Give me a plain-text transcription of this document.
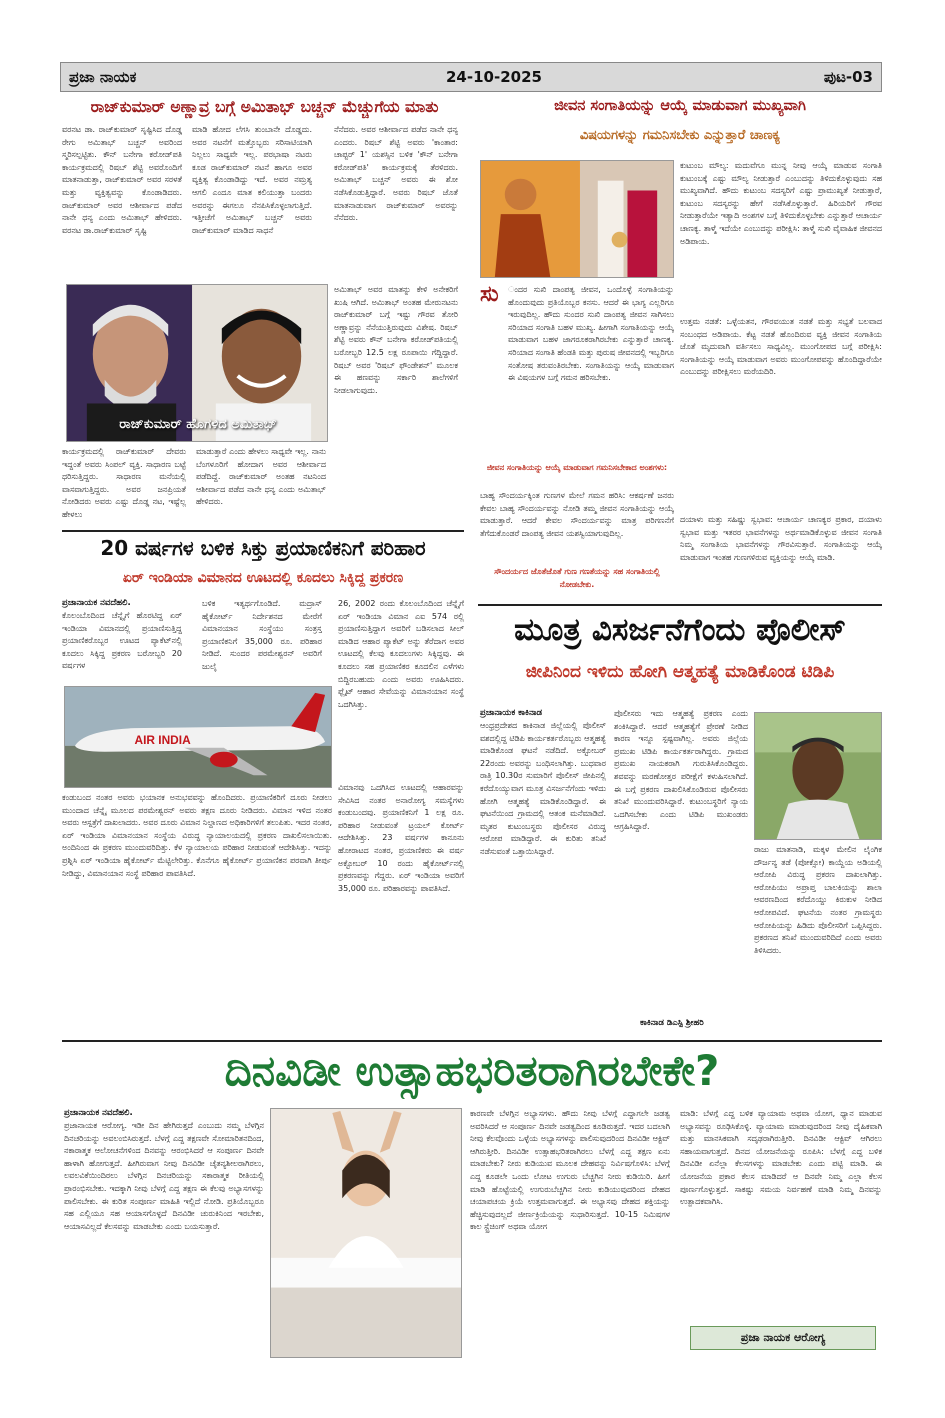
ಪ್ರಜಾ ನಾಯಕ	24-10-2025	ಪುಟ-03
ರಾಜ್‌ಕುಮಾರ್ ಅಣ್ಣಾವ್ರ ಬಗ್ಗೆ ಅಮಿತಾಭ್ ಬಚ್ಚನ್ ಮೆಚ್ಚುಗೆಯ ಮಾತು
ವರನಟ ಡಾ. ರಾಜ್‌ಕುಮಾರ್ ಸೃಷ್ಟಿಸಿದ ದೊಡ್ಡ ರೇಗು ಅಮಿತಾಭ್ ಬಚ್ಚನ್ ಅವರಿಂದ ಸ್ಮರಿಸಲ್ಪಟ್ಟಿತು. ಕೌನ್ ಬನೇಗಾ ಕರೋಡ್‌ಪತಿ ಕಾರ್ಯಕ್ರಮದಲ್ಲಿ ರಿಷಬ್ ಶೆಟ್ಟಿ ಅವರೊಂದಿಗೆ ಮಾತನಾಡುತ್ತಾ, ರಾಜ್‌ಕುಮಾರ್ ಅವರ ಸರಳತೆ ಮತ್ತು ವ್ಯಕ್ತಿತ್ವವನ್ನು ಕೊಂಡಾಡಿದರು. ರಾಜ್‌ಕುಮಾರ್ ಅವರ ಆಶೀರ್ವಾದ ಪಡೆದ ನಾನೇ ಧನ್ಯ ಎಂದು ಅಮಿತಾಭ್ ಹೇಳಿದರು. ವರನಟ ಡಾ.ರಾಜ್‌ಕುಮಾರ್ ಸೃಷ್ಟಿ
ಮಾಡಿ ಹೋದ ಲೆಗಸಿ ತುಂಬಾನೇ ದೊಡ್ಡದು. ಅವರ ನಟನೆಗೆ ಮತ್ತೊಬ್ಬರು ಸರಿಸಾಟಿಯಾಗಿ ನಿಲ್ಲಲು ಸಾಧ್ಯವೇ ಇಲ್ಲ. ಪರಭಾಷಾ ನಟರು ಕೂಡ ರಾಜ್‌ಕುಮಾರ್ ನಟನೆ ಹಾಗೂ ಅವರ ವ್ಯಕ್ತಿತ್ವ ಕೊಂಡಾಡಿದ್ದು ಇದೆ. ಅವರ ನಮ್ರತ್ಯ ಆಗಲಿ ಎಂದೂ ಮಾತ ಕಲಿಯುತ್ತಾ ಬಂದರು ಅವರನ್ನು ಈಗಲೂ ನೆನಪಿಸಿಕೊಳ್ಳಲಾಗುತ್ತಿದೆ. ಇತ್ತೀಚೆಗೆ ಅಮಿತಾಭ್ ಬಚ್ಚನ್ ಅವರು ರಾಜ್‌ಕುಮಾರ್ ಮಾಡಿದ ಸಾಧನೆ
ನೆನೆದರು. ಅವರ ಆಶೀರ್ವಾದ ಪಡೆದ ನಾನೇ ಧನ್ಯ ಎಂದರು. ರಿಷಬ್ ಶೆಟ್ಟಿ ಅವರು 'ಕಾಂತಾರ: ಚಾಪ್ಟರ್ 1' ಯಶಸ್ಸಿನ ಬಳಿಕ 'ಕೌನ್ ಬನೇಗಾ ಕರೋಡ್‌ಪತಿ' ಕಾರ್ಯಕ್ರಮಕ್ಕೆ ತೆರಳಿದರು. ಅಮಿತಾಭ್ ಬಚ್ಚನ್ ಅವರು ಈ ಶೋ ನಡೆಸಿಕೊಡುತ್ತಿದ್ದಾರೆ. ಅವರು ರಿಷಬ್ ಜೊತೆ ಮಾತನಾಡುವಾಗ ರಾಜ್‌ಕುಮಾರ್ ಅವರನ್ನು ನೆನೆದರು.
ಅಮಿತಾಭ್ ಅವರ ಮಾತನ್ನು ಕೇಳಿ ಅನೇಕರಿಗೆ ಖುಷಿ ಆಗಿದೆ. ಅಮಿತಾಭ್ ಅಂತಹ ಮೇರುನಟನು ರಾಜ್‌ಕುಮಾರ್ ಬಗ್ಗೆ ಇಷ್ಟು ಗೌರವ ತೋರಿ ಅಣ್ಣಾವ್ರನ್ನು ನೆನೆಯುತ್ತಿರುವುದು ವಿಶೇಷ. ರಿಷಬ್ ಶೆಟ್ಟಿ ಅವರು ಕೌನ್ ಬನೇಗಾ ಕರೋಡ್‌ಪತಿಯಲ್ಲಿ ಬರೋಬ್ಬರಿ 12.5 ಲಕ್ಷ ರೂಪಾಯಿ ಗೆದ್ದಿದ್ದಾರೆ. ರಿಷಬ್ ಅವರ 'ರಿಷಬ್ ಫೌಂಡೇಶನ್' ಮೂಲಕ ಈ ಹಣವನ್ನು ಸರ್ಕಾರಿ ಶಾಲೆಗಳಿಗೆ ನೀಡಲಾಗುವುದು.
ರಾಜ್‌ಕುಮಾರ್ ಹೊಗಳಿದ ಅಮಿತಾಭ್
ಕಾರ್ಯಕ್ರಮದಲ್ಲಿ ರಾಜ್‌ಕುಮಾರ್ ದೇವರು ಇದ್ದಂತೆ ಅವರು ಸಿಂಪಲ್ ವ್ಯಕ್ತಿ. ಸಾಧಾರಣ ಬಟ್ಟೆ ಧರಿಸುತ್ತಿದ್ದರು. ಸಾಧಾರಣ ಮನೆಯಲ್ಲಿ ವಾಸವಾಗುತ್ತಿದ್ದರು. ಅವರ ಜನಪ್ರಿಯತೆ ನೋಡಿದರು ಅವರು ಎಷ್ಟು ದೊಡ್ಡ ನಟ, ಇಷ್ಟೆಲ್ಲ ಹೇಳಲು
ಮಾಡುತ್ತಾರೆ ಎಂದು ಹೇಳಲು ಸಾಧ್ಯವೇ ಇಲ್ಲ. ನಾನು ಬೆಂಗಳೂರಿಗೆ ಹೋದಾಗ ಅವರ ಆಶೀರ್ವಾದ ಪಡೆದಿದ್ದೆ. ರಾಜ್‌ಕುಮಾರ್ ಅಂತಹ ನಟನಿಂದ ಆಶೀರ್ವಾದ ಪಡೆದ ನಾನೇ ಧನ್ಯ ಎಂದು ಅಮಿತಾಭ್ ಹೇಳಿದರು.
20 ವರ್ಷಗಳ ಬಳಿಕ ಸಿಕ್ತು ಪ್ರಯಾಣಿಕನಿಗೆ ಪರಿಹಾರ
ಏರ್ ಇಂಡಿಯಾ ವಿಮಾನದ ಊಟದಲ್ಲಿ ಕೂದಲು ಸಿಕ್ಕಿದ್ದ ಪ್ರಕರಣ
ಪ್ರಜಾನಾಯಕ ನವದೆಹಲಿ.
ಕೊಲಂಬೊದಿಂದ ಚೆನ್ನೈಗೆ ಹೊರಟಿದ್ದ ಏರ್ ಇಂಡಿಯಾ ವಿಮಾನದಲ್ಲಿ ಪ್ರಯಾಣಿಸುತ್ತಿದ್ದ ಪ್ರಯಾಣಿಕರೊಬ್ಬರ ಊಟದ ಪ್ಯಾಕೆಟ್‌ನಲ್ಲಿ ಕೂದಲು ಸಿಕ್ಕಿದ್ದ ಪ್ರಕರಣ ಬರೋಬ್ಬರಿ 20 ವರ್ಷಗಳ
ಬಳಿಕ ಇತ್ಯರ್ಥಗೊಂಡಿದೆ. ಮದ್ರಾಸ್ ಹೈಕೋರ್ಟ್ ನಿರ್ದೇಶನದ ಮೇರೆಗೆ ವಿಮಾನಯಾನ ಸಂಸ್ಥೆಯು ಸಂತ್ರಸ್ತ ಪ್ರಯಾಣಿಕನಿಗೆ 35,000 ರೂ. ಪರಿಹಾರ ನೀಡಿದೆ. ಸುಂದರ ಪರಮೇಶ್ವರನ್ ಅವರಿಗೆ ಜುಲೈ
26, 2002 ರಂದು ಕೊಲಂಬೊದಿಂದ ಚೆನ್ನೈಗೆ ಏರ್ ಇಂಡಿಯಾ ವಿಮಾನ ಎಐ 574 ರಲ್ಲಿ ಪ್ರಯಾಣಿಸುತ್ತಿದ್ದಾಗ ಅವರಿಗೆ ಬಡಿಸಲಾದ ಸೀಲ್ ಮಾಡಿದ ಆಹಾರ ಪ್ಯಾಕೆಟ್ ಅನ್ನು ತೆರೆದಾಗ ಅವರ ಊಟದಲ್ಲಿ ಕೆಲವು ಕೂದಲುಗಳು ಸಿಕ್ಕಿದ್ದವು. ಈ ಕೂದಲು ಸಹ ಪ್ರಯಾಣಿಕರ ಕೂದಲಿನ ಎಳೆಗಳು ಬಿದ್ದಿರಬಹುದು ಎಂದು ಅವರು ಊಹಿಸಿದರು. ಫ್ಲೈಟ್ ಆಹಾರ ಸೇವೆಯನ್ನು ವಿಮಾನಯಾನ ಸಂಸ್ಥೆ ಒದಗಿಸಿತ್ತು.
AIR INDIA
ಕಂಡುಬಂದ ನಂತರ ಅವರು ಭಯಾನಕ ಅನುಭವವನ್ನು ಹೊಂದಿದರು. ಪ್ರಯಾಣಿಕರಿಗೆ ದೂರು ನೀಡಲು ಮುಂದಾದ ಚೆನ್ನೈ ಮೂಲದ ಪರಮೇಶ್ವರನ್ ಅವರು ತಕ್ಷಣ ದೂರು ನೀಡಿದರು. ವಿಮಾನ ಇಳಿದ ನಂತರ ಅವರು ಆಸ್ಪತ್ರೆಗೆ ದಾಖಲಾದರು. ಅವರ ದೂರು ವಿಮಾನ ನಿಲ್ದಾಣದ ಅಧಿಕಾರಿಗಳಿಗೆ ತಲುಪಿತು. ಇದರ ನಂತರ, ಏರ್ ಇಂಡಿಯಾ ವಿಮಾನಯಾನ ಸಂಸ್ಥೆಯ ವಿರುದ್ಧ ನ್ಯಾಯಾಲಯದಲ್ಲಿ ಪ್ರಕರಣ ದಾಖಲಿಸಲಾಯಿತು. ಅಂದಿನಿಂದ ಈ ಪ್ರಕರಣ ಮುಂದುವರಿದಿತ್ತು. ಕೆಳ ನ್ಯಾಯಾಲಯ ಪರಿಹಾರ ನೀಡುವಂತೆ ಆದೇಶಿಸಿತ್ತು. ಇದನ್ನು ಪ್ರಶ್ನಿಸಿ ಏರ್ ಇಂಡಿಯಾ ಹೈಕೋರ್ಟ್ ಮೆಟ್ಟಿಲೇರಿತ್ತು. ಕೊನೆಗೂ ಹೈಕೋರ್ಟ್ ಪ್ರಯಾಣಿಕನ ಪರವಾಗಿ ತೀರ್ಪು ನೀಡಿದ್ದು, ವಿಮಾನಯಾನ ಸಂಸ್ಥೆ ಪರಿಹಾರ ಪಾವತಿಸಿದೆ.
ವಿಮಾನವು ಒದಗಿಸಿದ ಊಟದಲ್ಲಿ ಆಹಾರವನ್ನು ಸೇವಿಸಿದ ನಂತರ ಅನಾರೋಗ್ಯ ಸಮಸ್ಯೆಗಳು ಕಂಡುಬಂದವು. ಪ್ರಯಾಣಿಕನಿಗೆ 1 ಲಕ್ಷ ರೂ. ಪರಿಹಾರ ನೀಡುವಂತೆ ಟ್ರಯಲ್ ಕೋರ್ಟ್ ಆದೇಶಿಸಿತ್ತು. 23 ವರ್ಷಗಳ ಕಾನೂನು ಹೋರಾಟದ ನಂತರ, ಪ್ರಯಾಣಿಕರು ಈ ವರ್ಷ ಅಕ್ಟೋಬರ್ 10 ರಂದು ಹೈಕೋರ್ಟ್‌ನಲ್ಲಿ ಪ್ರಕರಣವನ್ನು ಗೆದ್ದರು. ಏರ್ ಇಂಡಿಯಾ ಅವರಿಗೆ 35,000 ರೂ. ಪರಿಹಾರವನ್ನು ಪಾವತಿಸಿದೆ.
ಜೀವನ ಸಂಗಾತಿಯನ್ನು ಆಯ್ಕೆ ಮಾಡುವಾಗ ಮುಖ್ಯವಾಗಿ
ವಿಷಯಗಳನ್ನು ಗಮನಿಸಬೇಕು ಎನ್ನುತ್ತಾರೆ ಚಾಣಕ್ಯ
ಕುಟುಂಬ ಮೌಲ್ಯ: ಮದುವೆಗೂ ಮುನ್ನ ನೀವು ಆಯ್ಕೆ ಮಾಡುವ ಸಂಗಾತಿ ಕುಟುಂಬಕ್ಕೆ ಎಷ್ಟು ಮೌಲ್ಯ ನೀಡುತ್ತಾರೆ ಎಂಬುದನ್ನು ತಿಳಿದುಕೊಳ್ಳುವುದು ಸಹ ಮುಖ್ಯವಾಗಿದೆ. ಹೌದು ಕುಟುಂಬ ಸದಸ್ಯರಿಗೆ ಎಷ್ಟು ಪ್ರಾಮುಖ್ಯತೆ ನೀಡುತ್ತಾರೆ, ಕುಟುಂಬ ಸದಸ್ಯರನ್ನು ಹೇಗೆ ನಡೆಸಿಕೊಳ್ಳುತ್ತಾರೆ. ಹಿರಿಯರಿಗೆ ಗೌರವ ನೀಡುತ್ತಾರೆಯೇ ಇತ್ಯಾದಿ ಅಂಶಗಳ ಬಗ್ಗೆ ತಿಳಿದುಕೊಳ್ಳಬೇಕು ಎನ್ನುತ್ತಾರೆ ಆಚಾರ್ಯ ಚಾಣಕ್ಯ. ತಾಳ್ಮೆ ಇದೆಯೇ ಎಂಬುದನ್ನು ಪರೀಕ್ಷಿಸಿ: ತಾಳ್ಮೆ ಸುಖಿ ವೈವಾಹಿಕ ಜೀವನದ ಅಡಿಪಾಯ.
ಉತ್ತಮ ನಡತೆ: ಒಳ್ಳೆಯತನ, ಗೌರವಯುತ ನಡತೆ ಮತ್ತು ಸಭ್ಯತೆ ಬಲವಾದ ಸಂಬಂಧದ ಅಡಿಪಾಯ. ಕೆಟ್ಟ ನಡತೆ ಹೊಂದಿರುವ ವ್ಯಕ್ತಿ ಜೀವನ ಸಂಗಾತಿಯ ಜೊತೆ ಮೃದುವಾಗಿ ವರ್ತಿಸಲು ಸಾಧ್ಯವಿಲ್ಲ. ಮುಂಗೋಪದ ಬಗ್ಗೆ ಪರೀಕ್ಷಿಸಿ: ಸಂಗಾತಿಯನ್ನು ಆಯ್ಕೆ ಮಾಡುವಾಗ ಅವರು ಮುಂಗೋಪವನ್ನು ಹೊಂದಿದ್ದಾರೆಯೇ ಎಂಬುದನ್ನು ಪರೀಕ್ಷಿಸಲು ಮರೆಯದಿರಿ.
ದಯಾಳು ಮತ್ತು ಸಹಿಷ್ಣು ಸ್ವಭಾವ: ಆಚಾರ್ಯ ಚಾಣಕ್ಯರ ಪ್ರಕಾರ, ದಯಾಳು ಸ್ವಭಾವ ಮತ್ತು ಇತರರ ಭಾವನೆಗಳನ್ನು ಅರ್ಥಮಾಡಿಕೊಳ್ಳುವ ಜೀವನ ಸಂಗಾತಿ ನಿಮ್ಮ ಸಂಗಾತಿಯ ಭಾವನೆಗಳನ್ನು ಗೌರವಿಸುತ್ತಾರೆ. ಸಂಗಾತಿಯನ್ನು ಆಯ್ಕೆ ಮಾಡುವಾಗ ಇಂತಹ ಗುಣಗಳಿರುವ ವ್ಯಕ್ತಿಯನ್ನು ಆಯ್ಕೆ ಮಾಡಿ.
ಸು	ಂದರ ಸುಖಿ ದಾಂಪತ್ಯ ಜೀವನ, ಒಂದೊಳ್ಳೆ ಸಂಗಾತಿಯನ್ನು ಹೊಂದುವುದು ಪ್ರತಿಯೊಬ್ಬರ ಕನಸು. ಆದರೆ ಈ ಭಾಗ್ಯ ಎಲ್ಲರಿಗೂ ಇರುವುದಿಲ್ಲ. ಹೌದು ಸುಂದರ ಸುಖಿ ದಾಂಪತ್ಯ ಜೀವನ ಸಾಗಿಸಲು ಸರಿಯಾದ ಸಂಗಾತಿ ಬಹಳ ಮುಖ್ಯ. ಹೀಗಾಗಿ ಸಂಗಾತಿಯನ್ನು ಆಯ್ಕೆ ಮಾಡುವಾಗ ಬಹಳ ಜಾಗರೂಕರಾಗಿರಬೇಕು ಎನ್ನುತ್ತಾರೆ ಚಾಣಕ್ಯ. ಸರಿಯಾದ ಸಂಗಾತಿ ಹೆಂಡತಿ ಮತ್ತು ಪುರುಷ ಜೀವನದಲ್ಲಿ ಇಬ್ಬರಿಗೂ ಸಂತೋಷ ತರುವಂತಿರಬೇಕು. ಸಂಗಾತಿಯನ್ನು ಆಯ್ಕೆ ಮಾಡುವಾಗ ಈ ವಿಷಯಗಳ ಬಗ್ಗೆ ಗಮನ ಹರಿಸಬೇಕು.
ಜೀವನ ಸಂಗಾತಿಯನ್ನು ಆಯ್ಕೆ ಮಾಡುವಾಗ ಗಮನಿಸಬೇಕಾದ ಅಂಶಗಳು:
ಬಾಹ್ಯ ಸೌಂದರ್ಯಕ್ಕಿಂತ ಗುಣಗಳ ಮೇಲೆ ಗಮನ ಹರಿಸಿ: ಆಕರ್ಷಣೆ ಜನರು ಕೇವಲ ಬಾಹ್ಯ ಸೌಂದರ್ಯವನ್ನು ನೋಡಿ ತಮ್ಮ ಜೀವನ ಸಂಗಾತಿಯನ್ನು ಆಯ್ಕೆ ಮಾಡುತ್ತಾರೆ. ಆದರೆ ಕೇವಲ ಸೌಂದರ್ಯವನ್ನು ಮಾತ್ರ ಪರಿಗಣನೆಗೆ ತೆಗೆದುಕೊಂಡರೆ ದಾಂಪತ್ಯ ಜೀವನ ಯಶಸ್ವಿಯಾಗುವುದಿಲ್ಲ.
ಸೌಂದರ್ಯದ ಜೊತೆಜೊತೆ ಗುಣ ಗಣತೆಯನ್ನು ಸಹ ಸಂಗಾತಿಯಲ್ಲಿ ನೋಡಬೇಕು.
ಮೂತ್ರ ವಿಸರ್ಜನೆಗೆಂದು ಪೊಲೀಸ್
ಜೀಪಿನಿಂದ ಇಳಿದು ಹೋಗಿ ಆತ್ಮಹತ್ಯೆ ಮಾಡಿಕೊಂಡ ಟಿಡಿಪಿ
ಪ್ರಜಾನಾಯಕ ಕಾಕಿನಾಡ
ಆಂಧ್ರಪ್ರದೇಶದ ಕಾಕಿನಾಡ ಜಿಲ್ಲೆಯಲ್ಲಿ ಪೊಲೀಸ್ ವಶದಲ್ಲಿದ್ದ ಟಿಡಿಪಿ ಕಾರ್ಯಕರ್ತರೊಬ್ಬರು ಆತ್ಮಹತ್ಯೆ ಮಾಡಿಕೊಂಡ ಘಟನೆ ನಡೆದಿದೆ. ಅಕ್ಟೋಬರ್ 22ರಂದು ಅವರನ್ನು ಬಂಧಿಸಲಾಗಿತ್ತು. ಬುಧವಾರ ರಾತ್ರಿ 10.30ರ ಸುಮಾರಿಗೆ ಪೊಲೀಸ್ ಜೀಪಿನಲ್ಲಿ ಕರೆದೊಯ್ಯುವಾಗ ಮೂತ್ರ ವಿಸರ್ಜನೆಗೆಂದು ಇಳಿದು ಹೋಗಿ ಆತ್ಮಹತ್ಯೆ ಮಾಡಿಕೊಂಡಿದ್ದಾರೆ. ಈ ಘಟನೆಯಿಂದ ಗ್ರಾಮದಲ್ಲಿ ಆತಂಕ ಮನೆಮಾಡಿದೆ. ಮೃತರ ಕುಟುಂಬಸ್ಥರು ಪೊಲೀಸರ ವಿರುದ್ಧ ಆರೋಪ ಮಾಡಿದ್ದಾರೆ. ಈ ಕುರಿತು ತನಿಖೆ ನಡೆಸುವಂತೆ ಒತ್ತಾಯಿಸಿದ್ದಾರೆ.
ಪೊಲೀಸರು ಇದು ಆತ್ಮಹತ್ಯೆ ಪ್ರಕರಣ ಎಂದು ಶಂಕಿಸಿದ್ದಾರೆ. ಆದರೆ ಆತ್ಮಹತ್ಯೆಗೆ ಪ್ರೇರಣೆ ನೀಡಿದ ಕಾರಣ ಇನ್ನೂ ಸ್ಪಷ್ಟವಾಗಿಲ್ಲ. ಅವರು ಜಿಲ್ಲೆಯ ಪ್ರಮುಖ ಟಿಡಿಪಿ ಕಾರ್ಯಕರ್ತರಾಗಿದ್ದರು. ಗ್ರಾಮದ ಪ್ರಮುಖ ನಾಯಕರಾಗಿ ಗುರುತಿಸಿಕೊಂಡಿದ್ದರು. ಶವವನ್ನು ಮರಣೋತ್ತರ ಪರೀಕ್ಷೆಗೆ ಕಳುಹಿಸಲಾಗಿದೆ. ಈ ಬಗ್ಗೆ ಪ್ರಕರಣ ದಾಖಲಿಸಿಕೊಂಡಿರುವ ಪೊಲೀಸರು ತನಿಖೆ ಮುಂದುವರಿಸಿದ್ದಾರೆ. ಕುಟುಂಬಸ್ಥರಿಗೆ ನ್ಯಾಯ ಒದಗಿಸಬೇಕು ಎಂದು ಟಿಡಿಪಿ ಮುಖಂಡರು ಆಗ್ರಹಿಸಿದ್ದಾರೆ.
ಕಾಕಿನಾಡ ಡಿಎಸ್ಪಿ ಶ್ರೀಹರಿ
ರಾಜು ಮಾತನಾಡಿ, ಮಕ್ಕಳ ಮೇಲಿನ ಲೈಂಗಿಕ ದೌರ್ಜನ್ಯ ತಡೆ (ಪೋಕ್ಸೋ) ಕಾಯ್ದೆಯ ಅಡಿಯಲ್ಲಿ ಆರೋಪಿ ವಿರುದ್ಧ ಪ್ರಕರಣ ದಾಖಲಾಗಿತ್ತು. ಆರೋಪಿಯು ಅಪ್ರಾಪ್ತ ಬಾಲಕಿಯನ್ನು ಶಾಲಾ ಆವರಣದಿಂದ ಕರೆದೊಯ್ದು ಕಿರುಕುಳ ನೀಡಿದ ಆರೋಪವಿದೆ. ಘಟನೆಯ ನಂತರ ಗ್ರಾಮಸ್ಥರು ಆರೋಪಿಯನ್ನು ಹಿಡಿದು ಪೊಲೀಸರಿಗೆ ಒಪ್ಪಿಸಿದ್ದರು. ಪ್ರಕರಣದ ತನಿಖೆ ಮುಂದುವರಿದಿದೆ ಎಂದು ಅವರು ತಿಳಿಸಿದರು.
ದಿನವಿಡೀ ಉತ್ಸಾಹಭರಿತರಾಗಿರಬೇಕೇ?
ಪ್ರಜಾನಾಯಕ ನವದೆಹಲಿ.
ಪ್ರಜಾನಾಯಕ ಆರೋಗ್ಯ. ಇಡೀ ದಿನ ಹೇಗಿರುತ್ತದೆ ಎಂಬುದು ನಮ್ಮ ಬೆಳಗ್ಗಿನ ದಿನಚರಿಯನ್ನು ಅವಲಂಬಿಸಿರುತ್ತದೆ. ಬೆಳಗ್ಗೆ ಎದ್ದ ತಕ್ಷಣವೇ ಸೋಮಾರಿತನದಿಂದ, ನಕಾರಾತ್ಮಕ ಆಲೋಚನೆಗಳಿಂದ ದಿನವನ್ನು ಆರಂಭಿಸಿದರೆ ಆ ಸಂಪೂರ್ಣ ದಿನವೇ ಹಾಳಾಗಿ ಹೋಗುತ್ತದೆ. ಹೀಗಿರುವಾಗ ನೀವು ದಿನವಿಡೀ ಚೈತನ್ಯಶೀಲರಾಗಿರಲು, ಲವಲವಿಕೆಯಿಂದಿರಲು ಬೆಳಗ್ಗಿನ ದಿನಚರಿಯನ್ನು ಸಕಾರಾತ್ಮಕ ರೀತಿಯಲ್ಲಿ ಪ್ರಾರಂಭಿಸಬೇಕು. ಇದಕ್ಕಾಗಿ ನೀವು ಬೆಳಗ್ಗೆ ಎದ್ದ ತಕ್ಷಣ ಈ ಕೆಲವು ಅಭ್ಯಾಸಗಳನ್ನು ಪಾಲಿಸಬೇಕು. ಈ ಕುರಿತ ಸಂಪೂರ್ಣ ಮಾಹಿತಿ ಇಲ್ಲಿದೆ ನೋಡಿ. ಪ್ರತಿಯೊಬ್ಬರೂ ಸಹ ಎಲ್ಲಿಯೂ ಸಹ ಆಯಾಸಗೊಳ್ಳದೆ ದಿನವಿಡೀ ಚುರುಕಿನಿಂದ ಇರಬೇಕು, ಆಯಾಸವಿಲ್ಲದೆ ಕೆಲಸವನ್ನು ಮಾಡಬೇಕು ಎಂದು ಬಯಸುತ್ತಾರೆ.
ಕಾರಣವೇ ಬೆಳಗ್ಗಿನ ಅಭ್ಯಾಸಗಳು. ಹೌದು ನೀವು ಬೆಳಗ್ಗೆ ಎದ್ದಾಗಲೇ ಜಡತ್ವ ಅವರಿಸಿದರೆ ಆ ಸಂಪೂರ್ಣ ದಿನವೇ ಜಡತ್ವದಿಂದ ಕೂಡಿರುತ್ತದೆ. ಇದರ ಬದಲಾಗಿ ನೀವು ಕೆಲವೊಂದು ಒಳ್ಳೆಯ ಅಭ್ಯಾಸಗಳನ್ನು ಪಾಲಿಸುವುದರಿಂದ ದಿನವಿಡೀ ಆಕ್ಟಿವ್ ಆಗಿರುತ್ತೀರಿ. ದಿನವಿಡೀ ಉತ್ಸಾಹಭರಿತರಾಗಿರಲು ಬೆಳಗ್ಗೆ ಎದ್ದ ತಕ್ಷಣ ಏನು ಮಾಡಬೇಕು? ನೀರು ಕುಡಿಯುವ ಮೂಲಕ ದೇಹವನ್ನು ನಿರ್ವಿಷಗೊಳಿಸಿ: ಬೆಳಗ್ಗೆ ಎದ್ದ ಕೂಡಲೇ ಒಂದು ಲೋಟ ಉಗುರು ಬೆಚ್ಚಗಿನ ನೀರು ಕುಡಿಯಿರಿ. ಹೀಗೆ ಮಾಡಿ ಹೊಟ್ಟೆಯಲ್ಲಿ ಉಗುರುಬೆಚ್ಚಗಿನ ನೀರು ಕುಡಿಯುವುದರಿಂದ ದೇಹದ ಚಯಾಪಚಯ ಕ್ರಿಯೆ ಉತ್ತಮವಾಗುತ್ತದೆ. ಈ ಅಭ್ಯಾಸವು ದೇಹದ ಶಕ್ತಿಯನ್ನು ಹೆಚ್ಚಿಸುವುದಲ್ಲದೆ ಜೀರ್ಣಕ್ರಿಯೆಯನ್ನು ಸುಧಾರಿಸುತ್ತದೆ. 10-15 ನಿಮಿಷಗಳ ಕಾಲ ಸ್ಟ್ರೆಚಿಂಗ್ ಅಥವಾ ಯೋಗ
ಮಾಡಿ: ಬೆಳಗ್ಗೆ ಎದ್ದ ಬಳಿಕ ವ್ಯಾಯಾಮ ಅಥವಾ ಯೋಗ, ಧ್ಯಾನ ಮಾಡುವ ಅಭ್ಯಾಸವನ್ನು ರೂಢಿಸಿಕೊಳ್ಳಿ. ವ್ಯಾಯಾಮ ಮಾಡುವುದರಿಂದ ನೀವು ದೈಹಿಕವಾಗಿ ಮತ್ತು ಮಾನಸಿಕವಾಗಿ ಸದೃಢರಾಗಿರುತ್ತೀರಿ. ದಿನವಿಡೀ ಆಕ್ಟಿವ್ ಆಗಿರಲು ಸಹಾಯವಾಗುತ್ತದೆ. ದಿನದ ಯೋಜನೆಯನ್ನು ರೂಪಿಸಿ: ಬೆಳಗ್ಗೆ ಎದ್ದ ಬಳಿಕ ದಿನವಿಡೀ ಏನೆಲ್ಲಾ ಕೆಲಸಗಳನ್ನು ಮಾಡಬೇಕು ಎಂದು ಪಟ್ಟಿ ಮಾಡಿ. ಈ ಯೋಜನೆಯ ಪ್ರಕಾರ ಕೆಲಸ ಮಾಡಿದರೆ ಆ ದಿನವೇ ನಿಮ್ಮ ಎಲ್ಲಾ ಕೆಲಸ ಪೂರ್ಣಗೊಳ್ಳುತ್ತದೆ. ಸಾಕಷ್ಟು ಸಮಯ ನಿರ್ವಹಣೆ ಮಾಡಿ ನಿಮ್ಮ ದಿನವನ್ನು ಉತ್ಪಾದಕವಾಗಿಸಿ.
ಪ್ರಜಾ ನಾಯಕ ಆರೋಗ್ಯ
